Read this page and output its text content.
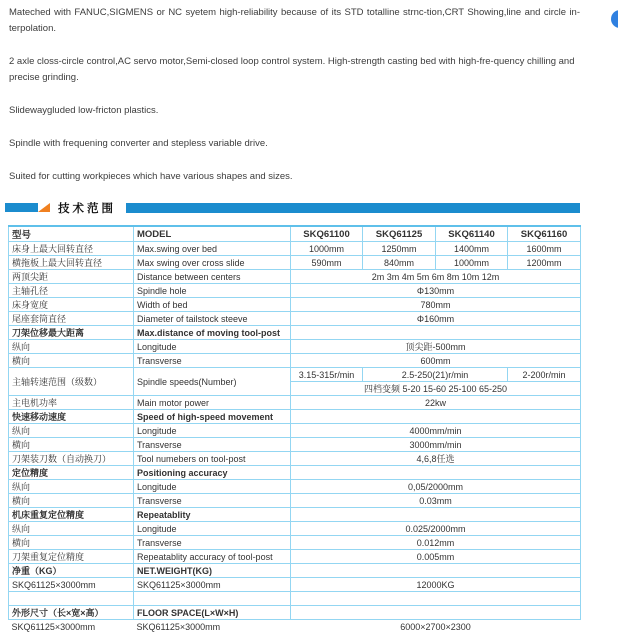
Mateched with FANUC,SIGMENS or NC syetem high-reliability because of its STD totalline strnc-tion,CRT Showing,line and circle in-terpolation.

2 axle closs-circle control,AC servo motor,Semi-closed loop control system. High-strength casting bed with high-fre-quency chilling and precise grinding.

Slidewaygluded low-fricton plastics.

Spindle with frequening converter and stepless variable drive.

Suited for cutting workpieces which have various shapes and sizes.

技术范围
型号	MODEL	SKQ61100	SKQ61125	SKQ61140	SKQ61160
床身上最大回转直径	Max.swing over bed	1000mm	1250mm	1400mm	1600mm
横拖板上最大回转直径	Max swing over cross slide	590mm	840mm	1000mm	1200mm
两顶尖距	Distance between centers	2m 3m 4m 5m 6m 8m 10m 12m			
主轴孔径	Spindle hole	Φ130mm			
床身宽度	Width of bed	780mm			
尾座套筒直径	Diameter of tailstock steeve	Φ160mm			
刀架位移最大距离	Max.distance of moving tool-post				
纵向	Longitude	顶尖距-500mm			
横向	Transverse	600mm			
主轴转速范围（级数）	Spindle speeds(Number)	3.15-315r/min	2.5-250(21)r/min		2-200r/min
		四档变频 5-20 15-60 25-100 65-250			
主电机功率	Main motor power	22kw			
快速移动速度	Speed of high-speed movement				
纵向	Longitude	4000mm/min			
横向	Transverse	3000mm/min			
刀架装刀数（自动换刀）	Tool numebers on tool-post	4,6,8任选			
定位精度	Positioning accuracy				
纵向	Longitude	0,05/2000mm			
横向	Transverse	0.03mm			
机床重复定位精度	Repeatablity				
纵向	Longitude	0.025/2000mm			
横向	Transverse	0.012mm			
刀架重复定位精度	Repeatablity accuracy of tool-post	0.005mm			
净重（KG）	NET.WEIGHT(KG)				
SKQ61125×3000mm	SKQ61125×3000mm	12000KG			

外形尺寸（长×宽×高）	FLOOR SPACE(L×W×H)				
SKQ61125×3000mm	SKQ61125×3000mm	6000×2700×2300			
